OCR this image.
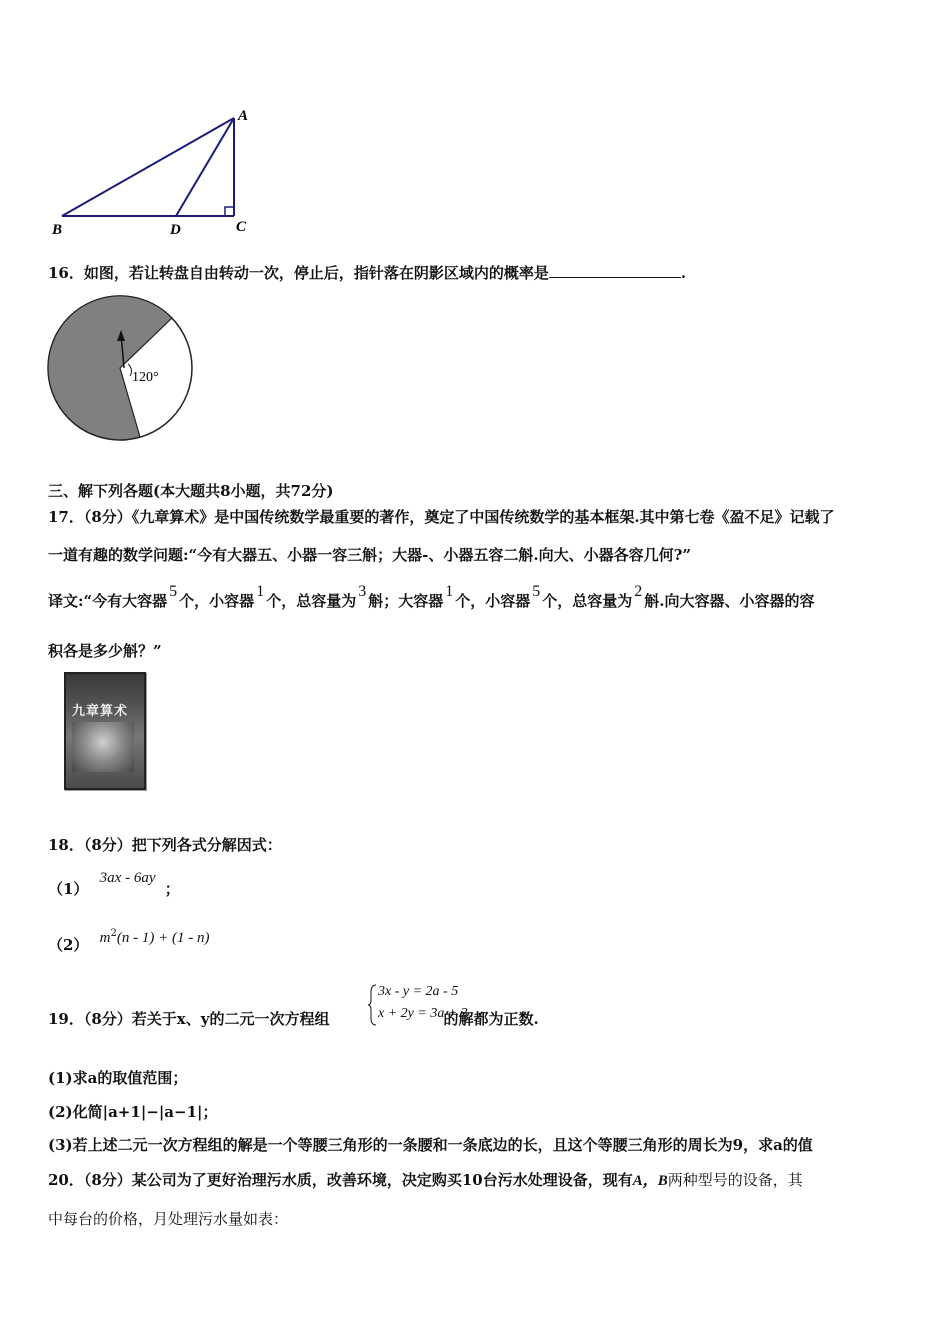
A
B	D	C
16．如图，若让转盘自由转动一次，停止后，指针落在阴影区域内的概率是	.
120°
三、解下列各题(本大题共8小题，共72分)
17．（8分）《九章算术》是中国传统数学最重要的著作，奠定了中国传统数学的基本框架.其中第七卷《盈不足》记载了
一道有趣的数学问题:“今有大器五、小器一容三斛；大器-、小器五容二斛.向大、小器各容几何?”
译文:“今有大容器5个，小容器1个，总容量为3斛；大容器1个，小容器5个，总容量为2斛.向大容器、小容器的容
积各是多少斛？”
九章算术
18．（8分）把下列各式分解因式：
（1） 3ax - 6ay ；
（2） $m^2(n - 1) + (1 - n)$
19．（8分）若关于x、y的二元一次方程组	的解都为正数.
3x - y = 2a - 5
x + 2y = 3a + 3
(1)求a的取值范围；
(2)化简|a+1|−|a−1|；
(3)若上述二元一次方程组的解是一个等腰三角形的一条腰和一条底边的长，且这个等腰三角形的周长为9，求a的值
20．（8分）某公司为了更好治理污水质，改善环境，决定购买10台污水处理设备，现有A，B两种型号的设备，其
中每台的价格，月处理污水量如表：
